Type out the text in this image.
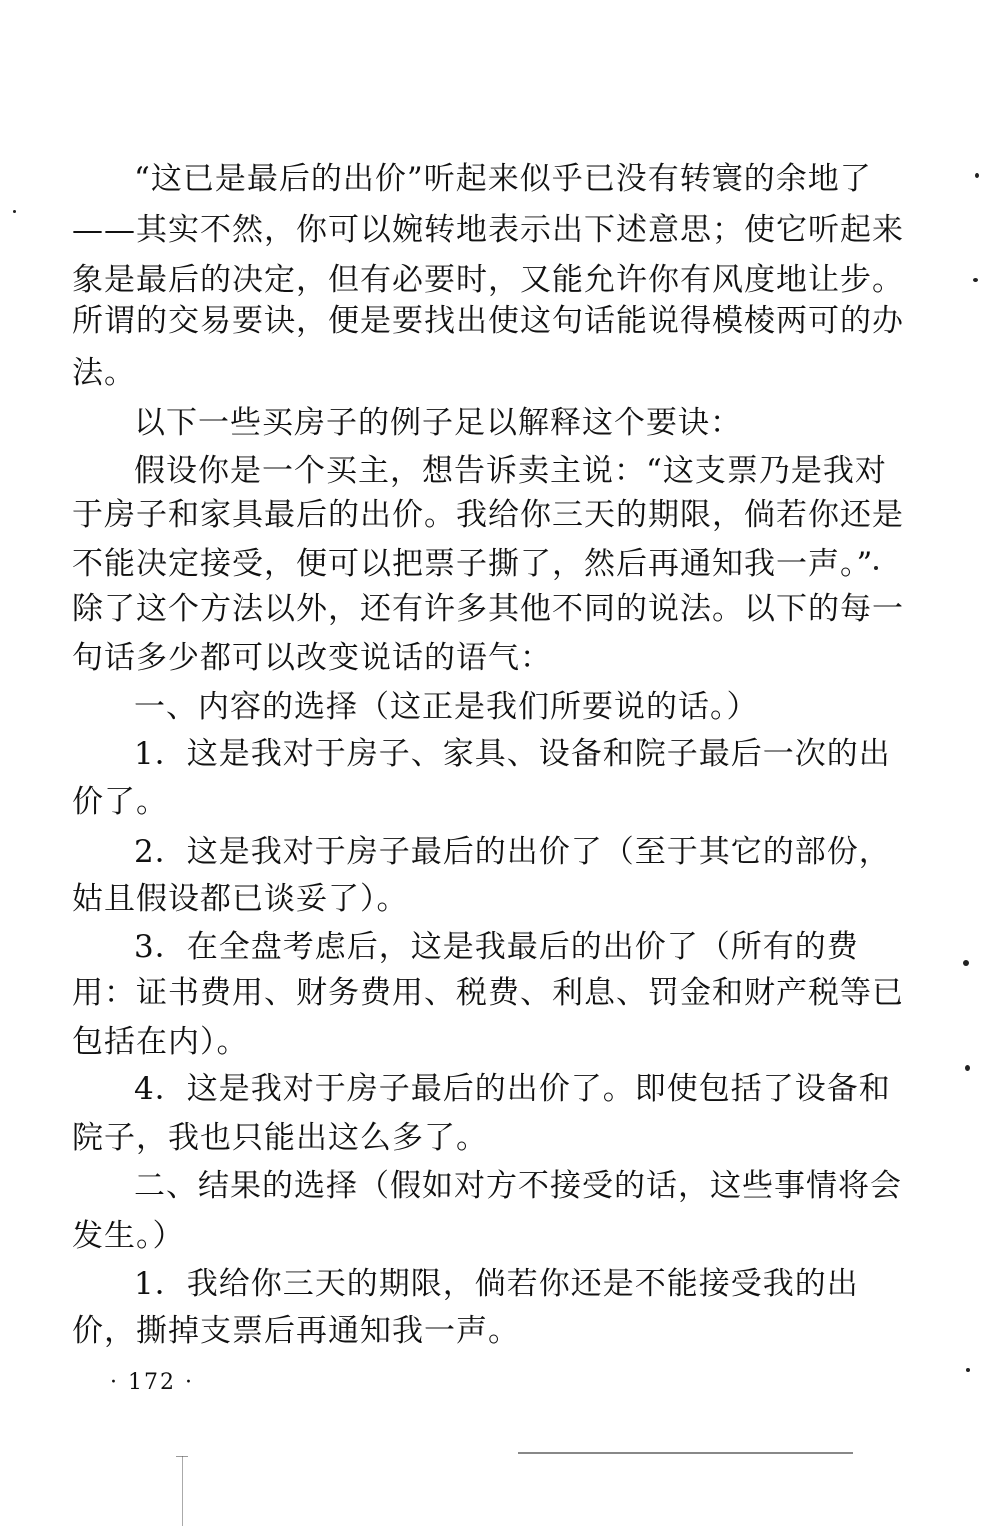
“这已是最后的出价”听起来似乎已没有转寰的余地了
——其实不然，你可以婉转地表示出下述意思；使它听起来
象是最后的决定，但有必要时，又能允许你有风度地让步。
所谓的交易要诀，便是要找出使这句话能说得模棱两可的办
法。
以下一些买房子的例子足以解释这个要诀：
假设你是一个买主，想告诉卖主说：“这支票乃是我对
于房子和家具最后的出价。我给你三天的期限，倘若你还是
不能决定接受，便可以把票子撕了，然后再通知我一声。”
除了这个方法以外，还有许多其他不同的说法。以下的每一
句话多少都可以改变说话的语气：
一、内容的选择（这正是我们所要说的话。）
1．这是我对于房子、家具、设备和院子最后一次的出
价了。
2．这是我对于房子最后的出价了（至于其它的部份，
姑且假设都已谈妥了）。
3．在全盘考虑后，这是我最后的出价了（所有的费
用：证书费用、财务费用、税费、利息、罚金和财产税等已
包括在内）。
4．这是我对于房子最后的出价了。即使包括了设备和
院子，我也只能出这么多了。
二、结果的选择（假如对方不接受的话，这些事情将会
发生。）
1．我给你三天的期限，倘若你还是不能接受我的出
价，撕掉支票后再通知我一声。
· 172 ·
